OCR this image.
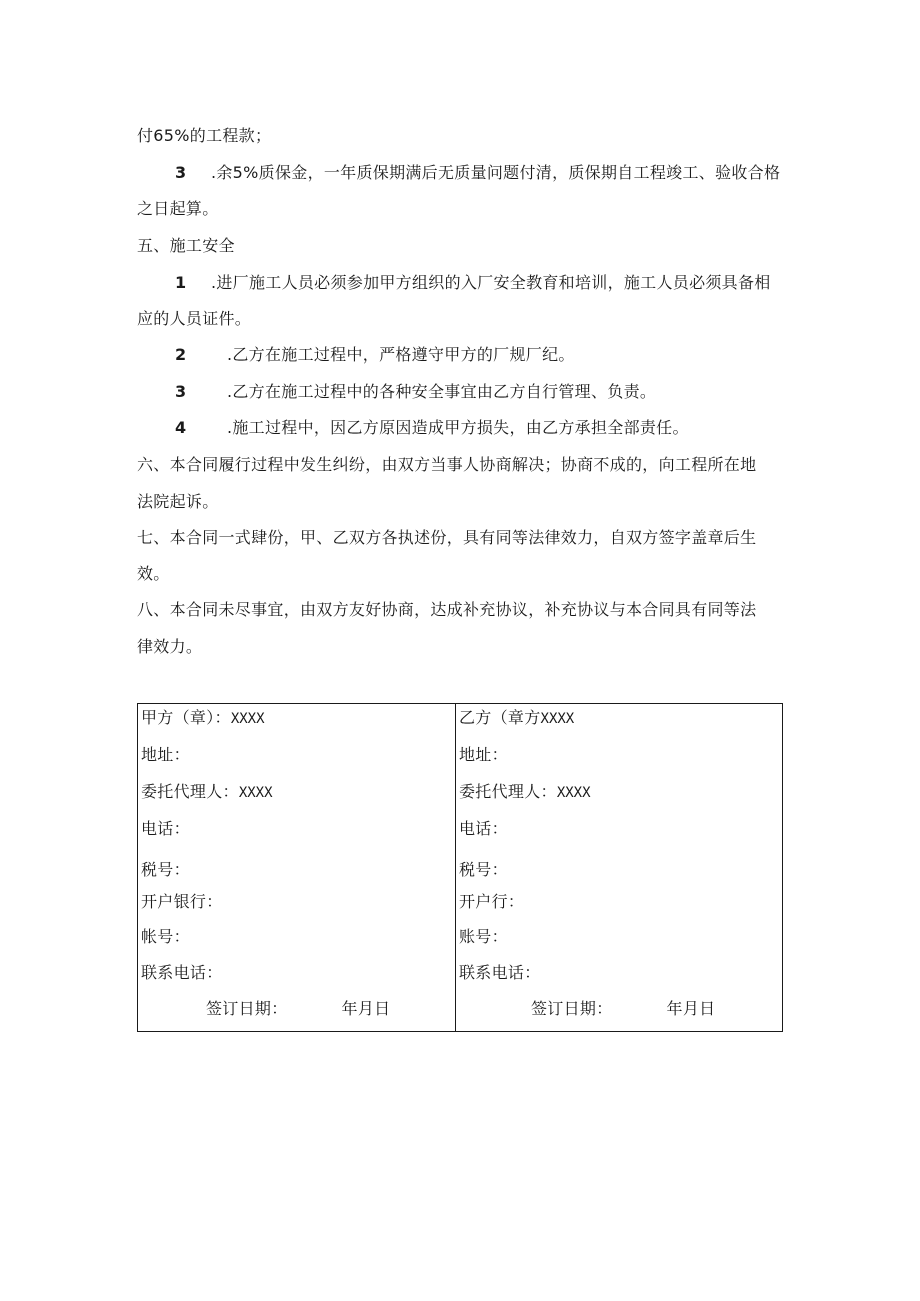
付65%的工程款；

3 .余5%质保金，一年质保期满后无质量问题付清，质保期自工程竣工、验收合格

之日起算。

五、施工安全

1 .进厂施工人员必须参加甲方组织的入厂安全教育和培训，施工人员必须具备相

应的人员证件。

2	.乙方在施工过程中，严格遵守甲方的厂规厂纪。

3	.乙方在施工过程中的各种安全事宜由乙方自行管理、负责。

4	.施工过程中，因乙方原因造成甲方损失，由乙方承担全部责任。

六、本合同履行过程中发生纠纷，由双方当事人协商解决；协商不成的，向工程所在地

法院起诉。

七、本合同一式肆份，甲、乙双方各执述份，具有同等法律效力，自双方签字盖章后生

效。

八、本合同未尽事宜，由双方友好协商，达成补充协议，补充协议与本合同具有同等法

律效力。

甲方（章）：XXXX

地址：

委托代理人：XXXX

电话：

税号：

开户银行：

帐号：

联系电话：

签订日期：	年月日

乙方（章方XXXX

地址：

委托代理人：XXXX

电话：

税号：

开户行：

账号：

联系电话：

签订日期：	年月日
